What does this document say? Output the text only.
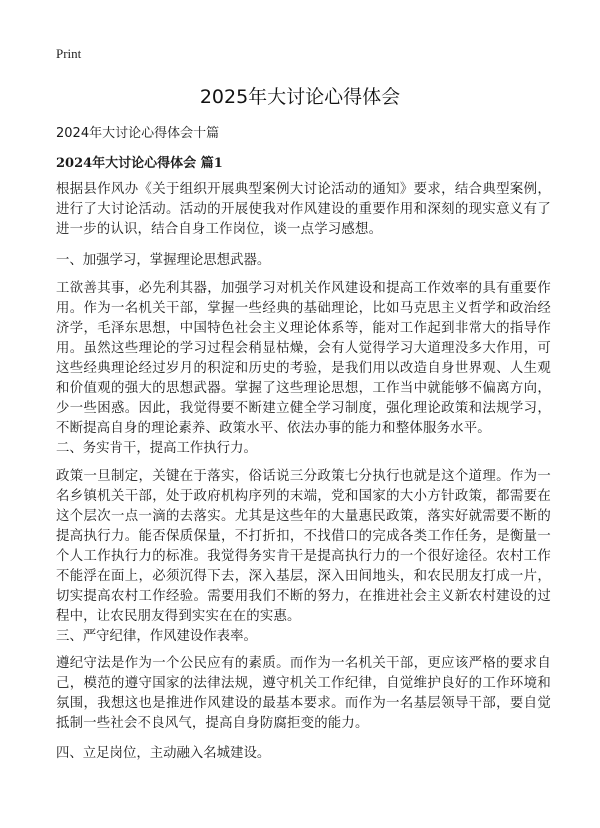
Print
2025年大讨论心得体会

2024年大讨论心得体会十篇

2024年大讨论心得体会 篇1

根据县作风办《关于组织开展典型案例大讨论活动的通知》要求，结合典型案例，进行了大讨论活动。活动的开展使我对作风建设的重要作用和深刻的现实意义有了进一步的认识，结合自身工作岗位，谈一点学习感想。

一、加强学习，掌握理论思想武器。

工欲善其事，必先利其器，加强学习对机关作风建设和提高工作效率的具有重要作用。作为一名机关干部，掌握一些经典的基础理论，比如马克思主义哲学和政治经济学，毛泽东思想，中国特色社会主义理论体系等，能对工作起到非常大的指导作用。虽然这些理论的学习过程会稍显枯燥，会有人觉得学习大道理没多大作用，可这些经典理论经过岁月的积淀和历史的考验，是我们用以改造自身世界观、人生观和价值观的强大的思想武器。掌握了这些理论思想，工作当中就能够不偏离方向，少一些困惑。因此，我觉得要不断建立健全学习制度，强化理论政策和法规学习，不断提高自身的理论素养、政策水平、依法办事的能力和整体服务水平。

二、务实肯干，提高工作执行力。

政策一旦制定，关键在于落实，俗话说三分政策七分执行也就是这个道理。作为一名乡镇机关干部，处于政府机构序列的末端，党和国家的大小方针政策，都需要在这个层次一点一滴的去落实。尤其是这些年的大量惠民政策，落实好就需要不断的提高执行力。能否保质保量，不打折扣，不找借口的完成各类工作任务，是衡量一个人工作执行力的标准。我觉得务实肯干是提高执行力的一个很好途径。农村工作不能浮在面上，必须沉得下去，深入基层，深入田间地头，和农民朋友打成一片，切实提高农村工作经验。需要用我们不断的努力，在推进社会主义新农村建设的过程中，让农民朋友得到实实在在的实惠。

三、严守纪律，作风建设作表率。

遵纪守法是作为一个公民应有的素质。而作为一名机关干部，更应该严格的要求自己，模范的遵守国家的法律法规，遵守机关工作纪律，自觉维护良好的工作环境和氛围，我想这也是推进作风建设的最基本要求。而作为一名基层领导干部，要自觉抵制一些社会不良风气，提高自身防腐拒变的能力。

四、立足岗位，主动融入名城建设。
